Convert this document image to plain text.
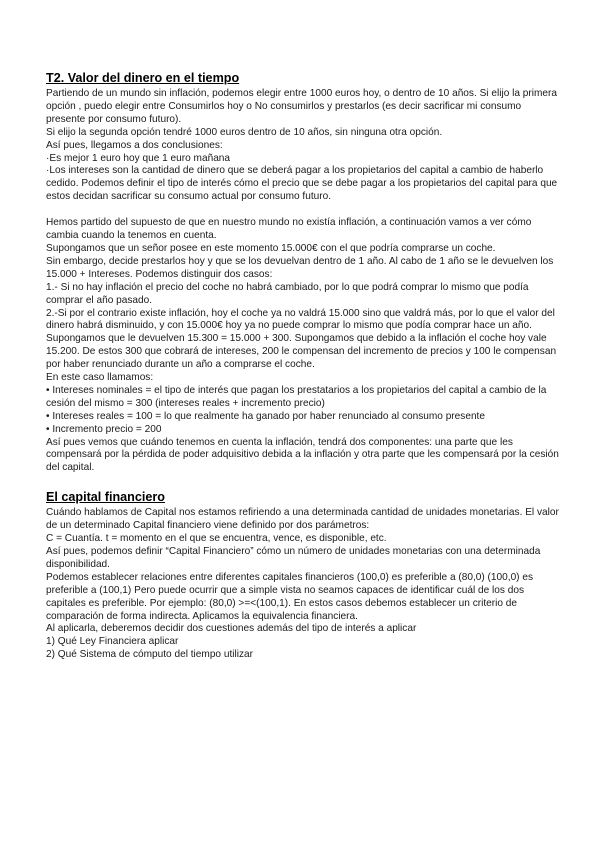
T2. Valor del dinero en el tiempo

Partiendo de un mundo sin inflación, podemos elegir entre 1000 euros hoy, o dentro de 10 años. Si elijo la primera opción , puedo elegir entre Consumirlos hoy o No consumirlos y prestarlos (es decir sacrificar mi consumo presente por consumo futuro).

Si elijo la segunda opción tendré 1000 euros dentro de 10 años, sin ninguna otra opción.

Así pues, llegamos a dos conclusiones:

·Es mejor 1 euro hoy que 1 euro mañana

·Los intereses son la cantidad de dinero que se deberá pagar a los propietarios del capital a cambio de haberlo cedido. Podemos definir el tipo de interés cómo el precio que se debe pagar a los propietarios del capital para que estos decidan sacrificar su consumo actual por consumo futuro.

Hemos partido del supuesto de que en nuestro mundo no existía inflación, a continuación vamos a ver cómo cambia cuando la tenemos en cuenta.

Supongamos que un señor posee en este momento 15.000€ con el que podría comprarse un coche.

Sin embargo, decide prestarlos hoy y que se los devuelvan dentro de 1 año. Al cabo de 1 año se le devuelven los 15.000 + Intereses. Podemos distinguir dos casos:

1.- Si no hay inflación el precio del coche no habrá cambiado, por lo que podrá comprar lo mismo que podía comprar el año pasado.

2.-Si por el contrario existe inflación, hoy el coche ya no valdrá 15.000 sino que valdrá más, por lo que el valor del dinero habrá disminuido, y con 15.000€ hoy ya no puede comprar lo mismo que podía comprar hace un año.

Supongamos que le devuelven 15.300 = 15.000 + 300. Supongamos que debido a la inflación el coche hoy vale 15.200. De estos 300 que cobrará de intereses, 200 le compensan del incremento de precios y 100 le compensan por haber renunciado durante un año a comprarse el coche.

En este caso llamamos:

• Intereses nominales = el tipo de interés que pagan los prestatarios a los propietarios del capital a cambio de la cesión del mismo = 300 (intereses reales + incremento precio)

• Intereses reales = 100 = lo que realmente ha ganado por haber renunciado al consumo presente

• Incremento precio = 200

Así pues vemos que cuándo tenemos en cuenta la inflación, tendrá dos componentes: una parte que les compensará por la pérdida de poder adquisitivo debida a la inflación y otra parte que les compensará por la cesión del capital.

El capital financiero

Cuándo hablamos de Capital nos estamos refiriendo a una determinada cantidad de unidades monetarias. El valor de un determinado Capital financiero viene definido por dos parámetros:

C = Cuantía. t = momento en el que se encuentra, vence, es disponible, etc.

Así pues, podemos definir “Capital Financiero” cómo un número de unidades monetarias con una determinada disponibilidad.

Podemos establecer relaciones entre diferentes capitales financieros (100,0) es preferible a (80,0) (100,0) es preferible a (100,1) Pero puede ocurrir que a simple vista no seamos capaces de identificar cuál de los dos capitales es preferible. Por ejemplo: (80,0) >=<(100,1). En estos casos debemos establecer un criterio de comparación de forma indirecta. Aplicamos la equivalencia financiera.

Al aplicarla, deberemos decidir dos cuestiones además del tipo de interés a aplicar

1) Qué Ley Financiera aplicar

2) Qué Sistema de cómputo del tiempo utilizar
